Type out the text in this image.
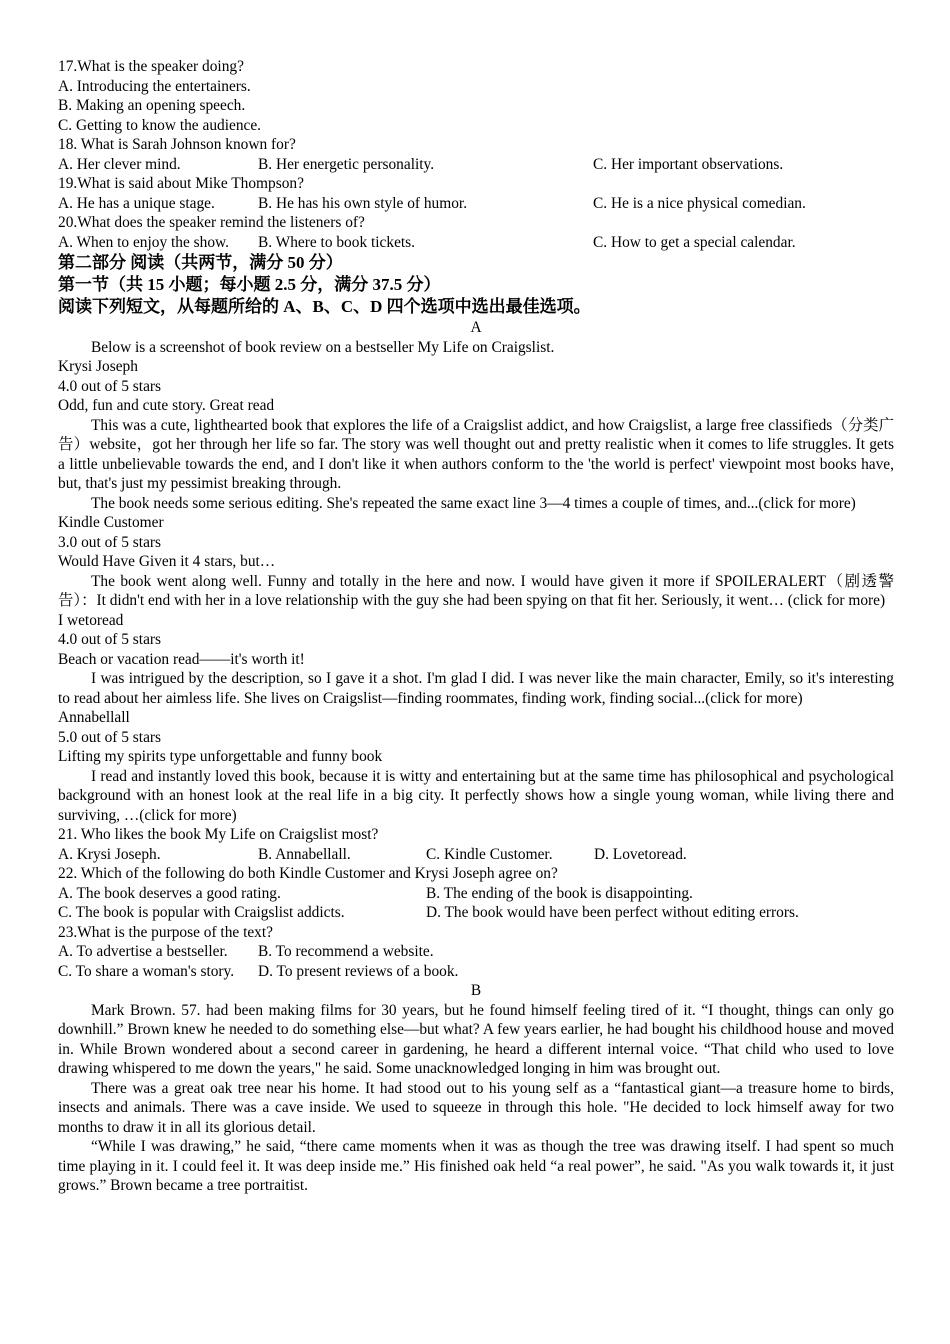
17.What is the speaker doing?
A. Introducing the entertainers.
B. Making an opening speech.
C. Getting to know the audience.
18. What is Sarah Johnson known for?
A. Her clever mind.	B. Her energetic personality.	C. Her important observations.
19.What is said about Mike Thompson?
A. He has a unique stage.	B. He has his own style of humor.	C. He is a nice physical comedian.
20.What does the speaker remind the listeners of?
A. When to enjoy the show.	B. Where to book tickets.	C. How to get a special calendar.
第二部分 阅读（共两节，满分 50 分）
第一节（共 15 小题；每小题 2.5 分，满分 37.5 分）
阅读下列短文，从每题所给的 A、B、C、D 四个选项中选出最佳选项。
A
Below is a screenshot of book review on a bestseller My Life on Craigslist.
Krysi Joseph
4.0 out of 5 stars
Odd, fun and cute story. Great read
This was a cute, lighthearted book that explores the life of a Craigslist addict, and how Craigslist, a large free classifieds（分类广告）website，got her through her life so far. The story was well thought out and pretty realistic when it comes to life struggles. It gets a little unbelievable towards the end, and I don't like it when authors conform to the 'the world is perfect' viewpoint most books have, but, that's just my pessimist breaking through.
The book needs some serious editing. She's repeated the same exact line 3—4 times a couple of times, and...(click for more)
Kindle Customer
3.0 out of 5 stars
Would Have Given it 4 stars, but…
The book went along well. Funny and totally in the here and now. I would have given it more if SPOILERALERT（剧透警告）：It didn't end with her in a love relationship with the guy she had been spying on that fit her. Seriously, it went… (click for more)
I wetoread
4.0 out of 5 stars
Beach or vacation read——it's worth it!
I was intrigued by the description, so I gave it a shot. I'm glad I did. I was never like the main character, Emily, so it's interesting to read about her aimless life. She lives on Craigslist—finding roommates, finding work, finding social...(click for more)
Annabellall
5.0 out of 5 stars
Lifting my spirits type unforgettable and funny book
I read and instantly loved this book, because it is witty and entertaining but at the same time has philosophical and psychological background with an honest look at the real life in a big city. It perfectly shows how a single young woman, while living there and surviving, …(click for more)
21. Who likes the book My Life on Craigslist most?
A. Krysi Joseph.	B. Annabellall.	C. Kindle Customer.	D. Lovetoread.
22. Which of the following do both Kindle Customer and Krysi Joseph agree on?
A. The book deserves a good rating.	B. The ending of the book is disappointing.
C. The book is popular with Craigslist addicts.	D. The book would have been perfect without editing errors.
23.What is the purpose of the text?
A. To advertise a bestseller.	B. To recommend a website.
C. To share a woman's story.	D. To present reviews of a book.
B
Mark Brown. 57. had been making films for 30 years, but he found himself feeling tired of it. “I thought, things can only go downhill.” Brown knew he needed to do something else—but what? A few years earlier, he had bought his childhood house and moved in. While Brown wondered about a second career in gardening, he heard a different internal voice. “That child who used to love drawing whispered to me down the years," he said. Some unacknowledged longing in him was brought out.
There was a great oak tree near his home. It had stood out to his young self as a “fantastical giant—a treasure home to birds, insects and animals. There was a cave inside. We used to squeeze in through this hole. "He decided to lock himself away for two months to draw it in all its glorious detail.
“While I was drawing,” he said, “there came moments when it was as though the tree was drawing itself. I had spent so much time playing in it. I could feel it. It was deep inside me.” His finished oak held “a real power”, he said. "As you walk towards it, it just grows.” Brown became a tree portraitist.
